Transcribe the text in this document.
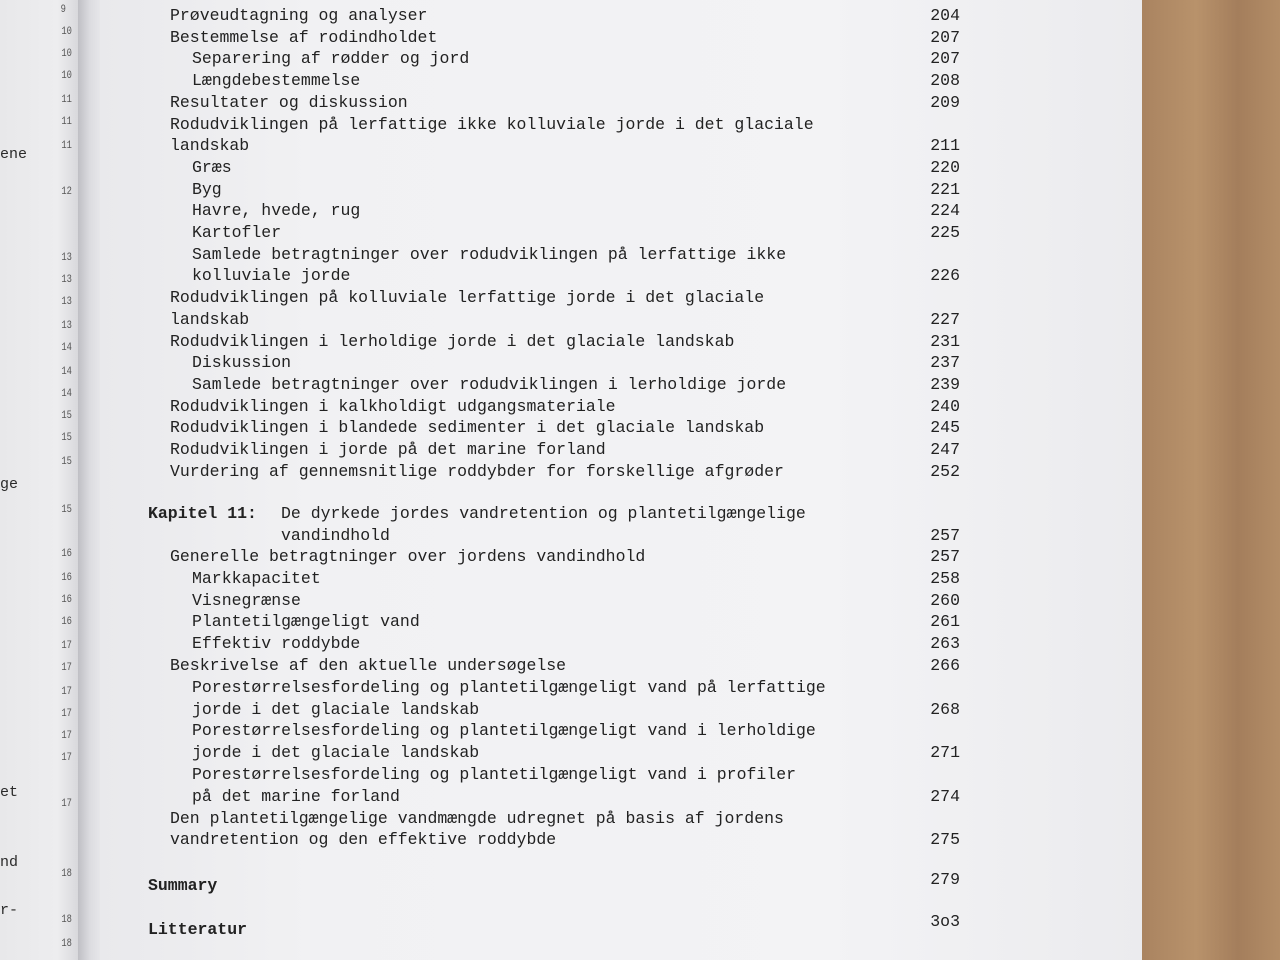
ene
ge
et
nd
r-
9
10
10
10
11
11
11
12
13
13
13
13
14
14
14
15
15
15
15
16
16
16
16
17
17
17
17
17
17
17
18
18
18
Prøveudtagning og analyser	204
Bestemmelse af rodindholdet	207
Separering af rødder og jord	207
Længdebestemmelse	208
Resultater og diskussion	209
Rodudviklingen på lerfattige ikke kolluviale jorde i det glaciale
landskab	211
Græs	220
Byg	221
Havre, hvede, rug	224
Kartofler	225
Samlede betragtninger over rodudviklingen på lerfattige ikke
kolluviale jorde	226
Rodudviklingen på kolluviale lerfattige jorde i det glaciale
landskab	227
Rodudviklingen i lerholdige jorde i det glaciale landskab	231
Diskussion	237
Samlede betragtninger over rodudviklingen i lerholdige jorde	239
Rodudviklingen i kalkholdigt udgangsmateriale	240
Rodudviklingen i blandede sedimenter i det glaciale landskab	245
Rodudviklingen i jorde på det marine forland	247
Vurdering af gennemsnitlige roddybder for forskellige afgrøder	252
Kapitel 11: De dyrkede jordes vandretention og plantetilgængelige
vandindhold	257
Generelle betragtninger over jordens vandindhold	257
Markkapacitet	258
Visnegrænse	260
Plantetilgængeligt vand	261
Effektiv roddybde	263
Beskrivelse af den aktuelle undersøgelse	266
Porestørrelsesfordeling og plantetilgængeligt vand på lerfattige
jorde i det glaciale landskab	268
Porestørrelsesfordeling og plantetilgængeligt vand i lerholdige
jorde i det glaciale landskab	271
Porestørrelsesfordeling og plantetilgængeligt vand i profiler
på det marine forland	274
Den plantetilgængelige vandmængde udregnet på basis af jordens
vandretention og den effektive roddybde	275
Summary	279
Litteratur	3o3
